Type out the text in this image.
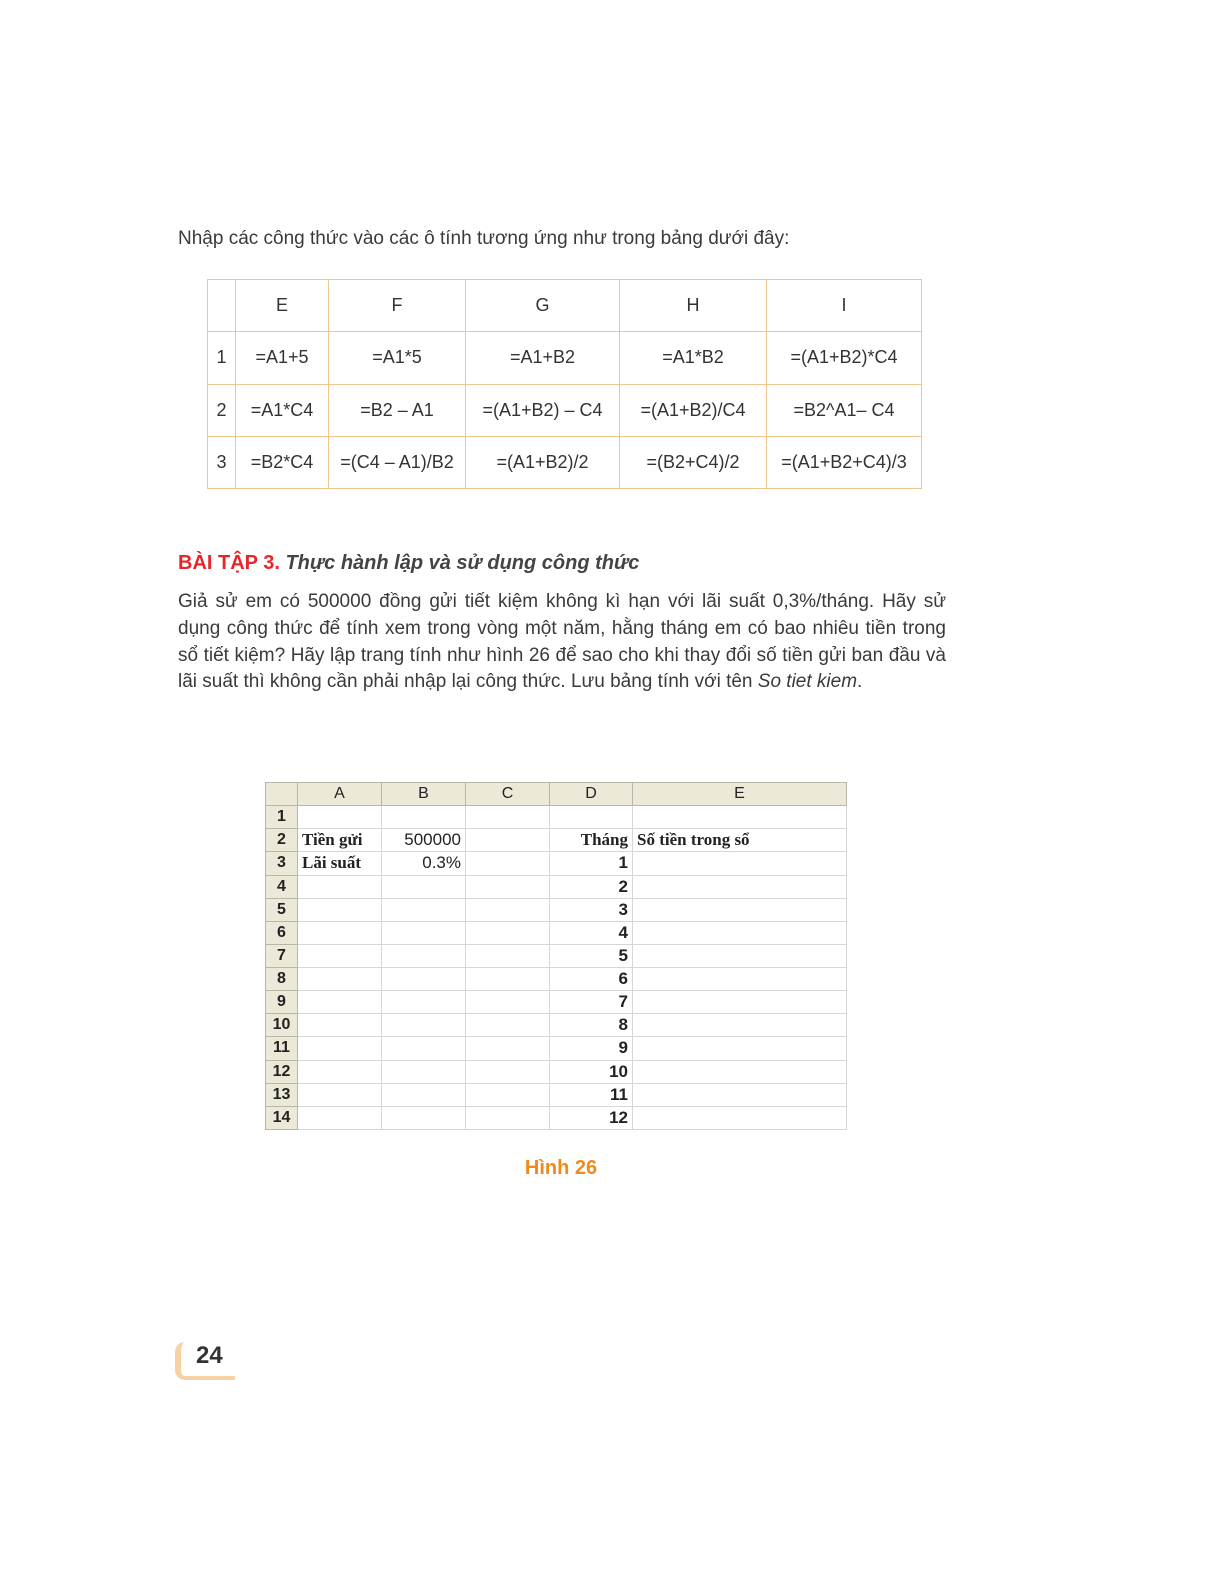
Nhập các công thức vào các ô tính tương ứng như trong bảng dưới đây:

	E	F	G	H	I
1	=A1+5	=A1*5	=A1+B2	=A1*B2	=(A1+B2)*C4
2	=A1*C4	=B2 – A1	=(A1+B2) – C4	=(A1+B2)/C4	=B2^A1– C4
3	=B2*C4	=(C4 – A1)/B2	=(A1+B2)/2	=(B2+C4)/2	=(A1+B2+C4)/3

BÀI TẬP 3. Thực hành lập và sử dụng công thức

Giả sử em có 500000 đồng gửi tiết kiệm không kì hạn với lãi suất 0,3%/tháng. Hãy sử dụng công thức để tính xem trong vòng một năm, hằng tháng em có bao nhiêu tiền trong sổ tiết kiệm? Hãy lập trang tính như hình 26 để sao cho khi thay đổi số tiền gửi ban đầu và lãi suất thì không cần phải nhập lại công thức. Lưu bảng tính với tên So tiet kiem.

	A	B	C	D	E
1					
2	Tiền gửi	500000		Tháng	Số tiền trong sổ
3	Lãi suất	0.3%		1	
4				2	
5				3	
6				4	
7				5	
8				6	
9				7	
10				8	
11				9	
12				10	
13				11	
14				12	

Hình 26

24
